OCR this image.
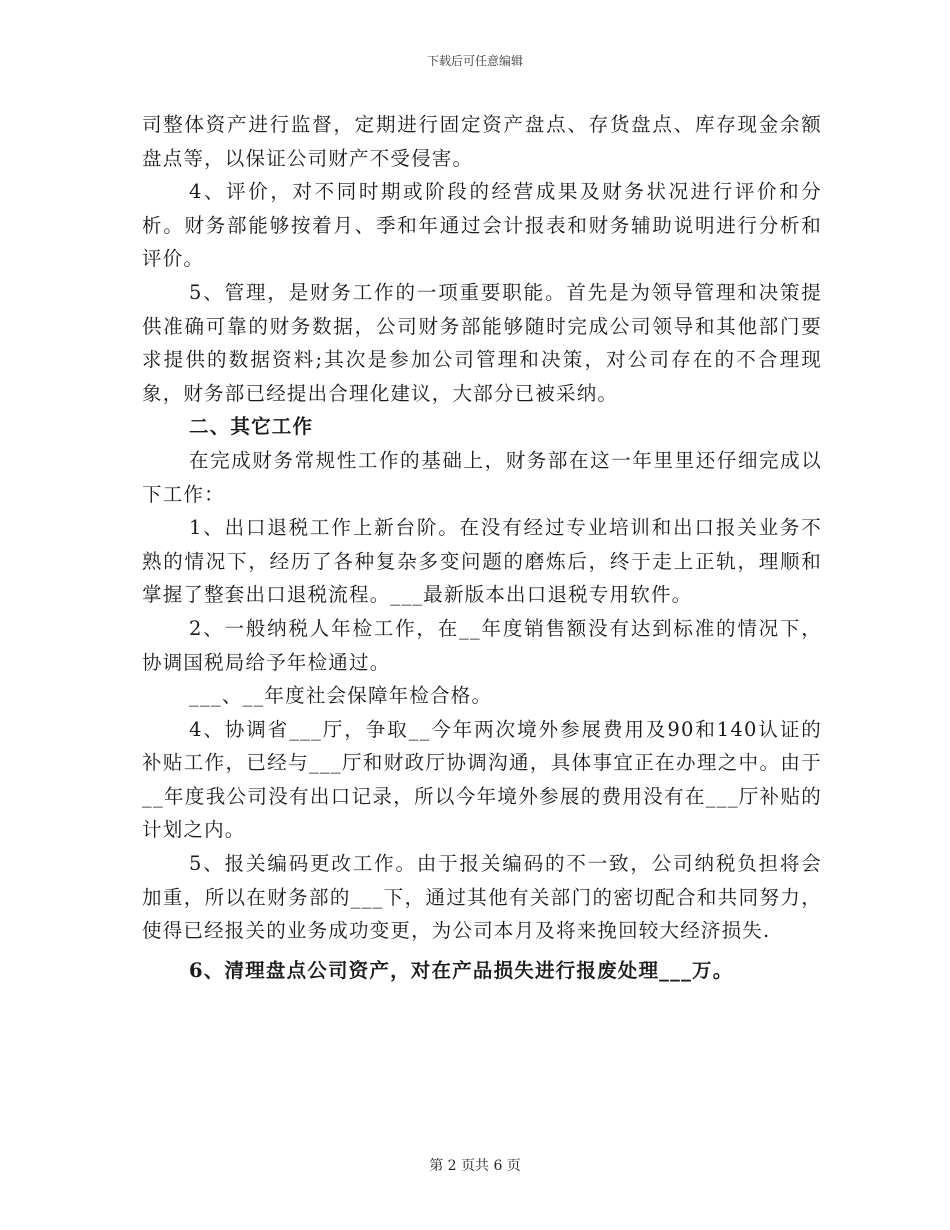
下载后可任意编辑

司整体资产进行监督，定期进行固定资产盘点、存货盘点、库存现金余额盘点等，以保证公司财产不受侵害。

4、评价，对不同时期或阶段的经营成果及财务状况进行评价和分析。财务部能够按着月、季和年通过会计报表和财务辅助说明进行分析和评价。

5、管理，是财务工作的一项重要职能。首先是为领导管理和决策提供准确可靠的财务数据，公司财务部能够随时完成公司领导和其他部门要求提供的数据资料;其次是参加公司管理和决策，对公司存在的不合理现象，财务部已经提出合理化建议，大部分已被采纳。

二、其它工作

在完成财务常规性工作的基础上，财务部在这一年里里还仔细完成以下工作：

1、出口退税工作上新台阶。在没有经过专业培训和出口报关业务不熟的情况下，经历了各种复杂多变问题的磨炼后，终于走上正轨，理顺和掌握了整套出口退税流程。___最新版本出口退税专用软件。

2、一般纳税人年检工作，在__年度销售额没有达到标准的情况下，协调国税局给予年检通过。

___、__年度社会保障年检合格。

4、协调省___厅，争取__今年两次境外参展费用及90和140认证的补贴工作，已经与___厅和财政厅协调沟通，具体事宜正在办理之中。由于__年度我公司没有出口记录，所以今年境外参展的费用没有在___厅补贴的计划之内。

5、报关编码更改工作。由于报关编码的不一致，公司纳税负担将会加重，所以在财务部的___下，通过其他有关部门的密切配合和共同努力，使得已经报关的业务成功变更，为公司本月及将来挽回较大经济损失.

6、清理盘点公司资产，对在产品损失进行报废处理___万。

第 2 页共 6 页
